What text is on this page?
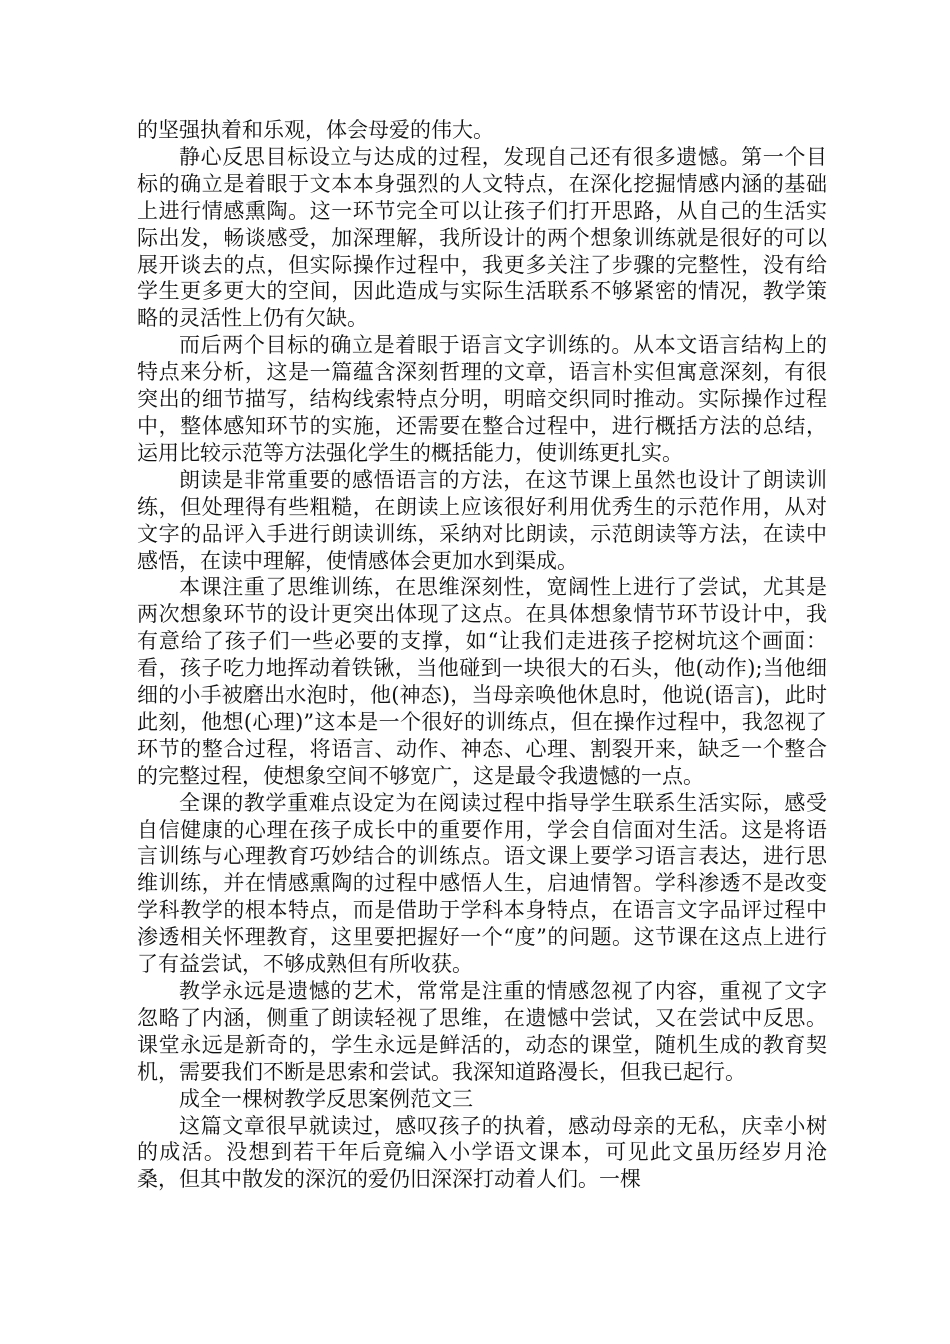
的坚强执着和乐观，体会母爱的伟大。

静心反思目标设立与达成的过程，发现自己还有很多遗憾。第一个目标的确立是着眼于文本本身强烈的人文特点，在深化挖掘情感内涵的基础上进行情感熏陶。这一环节完全可以让孩子们打开思路，从自己的生活实际出发，畅谈感受，加深理解，我所设计的两个想象训练就是很好的可以展开谈去的点，但实际操作过程中，我更多关注了步骤的完整性，没有给学生更多更大的空间，因此造成与实际生活联系不够紧密的情况，教学策略的灵活性上仍有欠缺。

而后两个目标的确立是着眼于语言文字训练的。从本文语言结构上的特点来分析，这是一篇蕴含深刻哲理的文章，语言朴实但寓意深刻，有很突出的细节描写，结构线索特点分明，明暗交织同时推动。实际操作过程中，整体感知环节的实施，还需要在整合过程中，进行概括方法的总结，运用比较示范等方法强化学生的概括能力，使训练更扎实。

朗读是非常重要的感悟语言的方法，在这节课上虽然也设计了朗读训练，但处理得有些粗糙，在朗读上应该很好利用优秀生的示范作用，从对文字的品评入手进行朗读训练，采纳对比朗读，示范朗读等方法，在读中感悟，在读中理解，使情感体会更加水到渠成。

本课注重了思维训练，在思维深刻性，宽阔性上进行了尝试，尤其是两次想象环节的设计更突出体现了这点。在具体想象情节环节设计中，我有意给了孩子们一些必要的支撑，如“让我们走进孩子挖树坑这个画面：看，孩子吃力地挥动着铁锹，当他碰到一块很大的石头，他(动作);当他细细的小手被磨出水泡时，他(神态)，当母亲唤他休息时，他说(语言)，此时此刻，他想(心理)”这本是一个很好的训练点，但在操作过程中，我忽视了环节的整合过程，将语言、动作、神态、心理、割裂开来，缺乏一个整合的完整过程，使想象空间不够宽广，这是最令我遗憾的一点。

全课的教学重难点设定为在阅读过程中指导学生联系生活实际，感受自信健康的心理在孩子成长中的重要作用，学会自信面对生活。这是将语言训练与心理教育巧妙结合的训练点。语文课上要学习语言表达，进行思维训练，并在情感熏陶的过程中感悟人生，启迪情智。学科渗透不是改变学科教学的根本特点，而是借助于学科本身特点，在语言文字品评过程中渗透相关怀理教育，这里要把握好一个“度”的问题。这节课在这点上进行了有益尝试，不够成熟但有所收获。

教学永远是遗憾的艺术，常常是注重的情感忽视了内容，重视了文字忽略了内涵，侧重了朗读轻视了思维，在遗憾中尝试，又在尝试中反思。课堂永远是新奇的，学生永远是鲜活的，动态的课堂，随机生成的教育契机，需要我们不断是思索和尝试。我深知道路漫长，但我已起行。

成全一棵树教学反思案例范文三

这篇文章很早就读过，感叹孩子的执着，感动母亲的无私，庆幸小树的成活。没想到若干年后竟编入小学语文课本，可见此文虽历经岁月沧桑，但其中散发的深沉的爱仍旧深深打动着人们。一棵
